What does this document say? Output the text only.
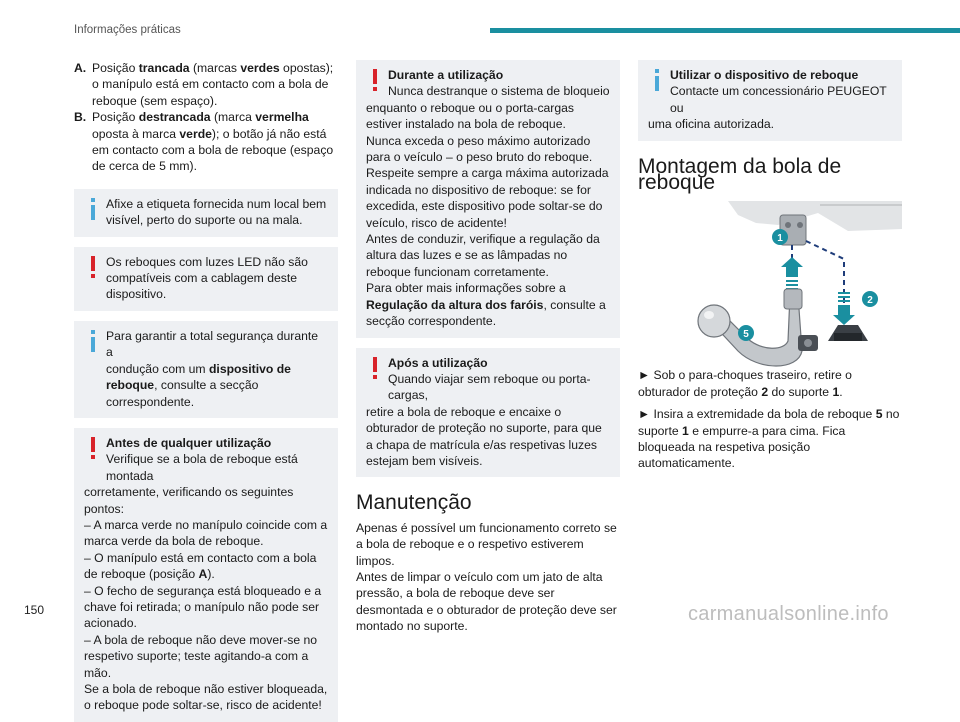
Informações práticas
A. Posição trancada (marcas verdes opostas); o manípulo está em contacto com a bola de reboque (sem espaço).
B. Posição destrancada (marca vermelha oposta à marca verde); o botão já não está em contacto com a bola de reboque (espaço de cerca de 5 mm).
Afixe a etiqueta fornecida num local bem
visível, perto do suporte ou na mala.
Os reboques com luzes LED não são
compatíveis com a cablagem deste dispositivo.
Para garantir a total segurança durante a
condução com um dispositivo de reboque, consulte a secção correspondente.
Antes de qualquer utilização
Verifique se a bola de reboque está montada
corretamente, verificando os seguintes pontos:
– A marca verde no manípulo coincide com a marca verde da bola de reboque.
– O manípulo está em contacto com a bola de reboque (posição A).
– O fecho de segurança está bloqueado e a chave foi retirada; o manípulo não pode ser acionado.
– A bola de reboque não deve mover-se no respetivo suporte; teste agitando-a com a mão.
Se a bola de reboque não estiver bloqueada, o reboque pode soltar-se, risco de acidente!
Durante a utilização
Nunca destranque o sistema de bloqueio
enquanto o reboque ou o porta-cargas estiver instalado na bola de reboque.
Nunca exceda o peso máximo autorizado para o veículo – o peso bruto do reboque.
Respeite sempre a carga máxima autorizada indicada no dispositivo de reboque: se for excedida, este dispositivo pode soltar-se do veículo, risco de acidente!
Antes de conduzir, verifique a regulação da altura das luzes e se as lâmpadas no reboque funcionam corretamente.
Para obter mais informações sobre a Regulação da altura dos faróis, consulte a secção correspondente.
Após a utilização
Quando viajar sem reboque ou porta-cargas,
retire a bola de reboque e encaixe o obturador de proteção no suporte, para que a chapa de matrícula e/as respetivas luzes estejam bem visíveis.
Manutenção

Apenas é possível um funcionamento correto se a bola de reboque e o respetivo estiverem limpos.

Antes de limpar o veículo com um jato de alta pressão, a bola de reboque deve ser desmontada e o obturador de proteção deve ser montado no suporte.

Utilizar o dispositivo de reboque
Contacte um concessionário PEUGEOT ou
uma oficina autorizada.
Montagem da bola de reboque
1
2
5

► Sob o para-choques traseiro, retire o obturador de proteção 2 do suporte 1.

► Insira a extremidade da bola de reboque 5 no suporte 1 e empurre-a para cima. Fica bloqueada na respetiva posição automaticamente.

150	carmanualsonline.info
